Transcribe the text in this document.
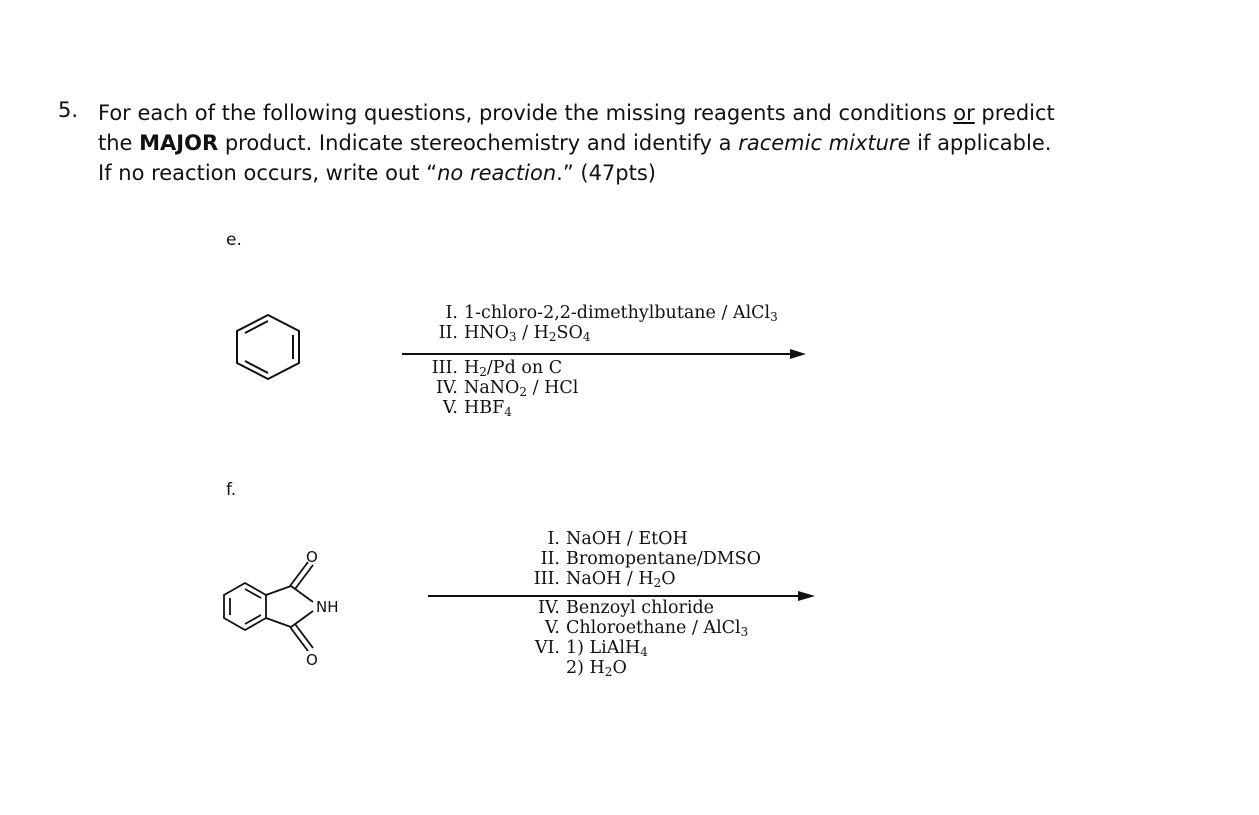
5. For each of the following questions, provide the missing reagents and conditions or predict
the MAJOR product. Indicate stereochemistry and identify a racemic mixture if applicable.
If no reaction occurs, write out “no reaction.” (47pts)
e.
I. 1-chloro-2,2-dimethylbutane / AlCl$_3$
II. $HNO_3 / H_2SO_4$
III. $H_2/Pd$ on C
IV. NaNO$_2$ / HCl
V. $HBF_4$
f.
O
NH
O
I. NaOH / EtOH
II. Bromopentane/DMSO
III. NaOH / $H_2O$
IV. Benzoyl chloride
V. Chloroethane / AlCl$_3$
VI. 1) LiAlH$_4$
2) $H_2O$
